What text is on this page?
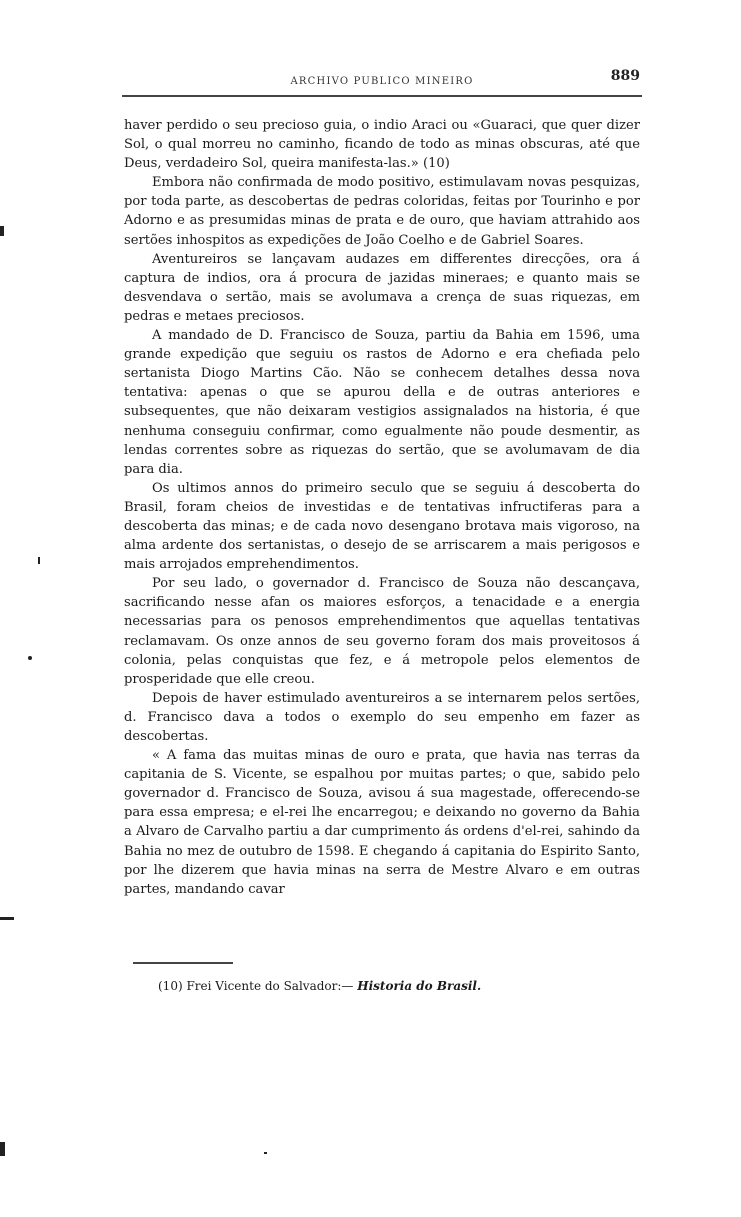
ARCHIVO PUBLICO MINEIRO	889

haver perdido o seu precioso guia, o indio Araci ou «Guaraci, que quer dizer Sol, o qual morreu no caminho, ficando de todo as minas obscuras, até que Deus, verdadeiro Sol, queira manifesta-las.» (10)

Embora não confirmada de modo positivo, estimulavam novas pesquizas, por toda parte, as descobertas de pedras coloridas, feitas por Tourinho e por Adorno e as presumidas minas de prata e de ouro, que haviam attrahido aos sertões inhospitos as expedições de João Coelho e de Gabriel Soares.

Aventureiros se lançavam audazes em differentes direcções, ora á captura de indios, ora á procura de jazidas mineraes; e quanto mais se desvendava o sertão, mais se avolumava a crença de suas riquezas, em pedras e metaes preciosos.

A mandado de D. Francisco de Souza, partiu da Bahia em 1596, uma grande expedição que seguiu os rastos de Adorno e era chefiada pelo sertanista Diogo Martins Cão. Não se conhecem detalhes dessa nova tentativa: apenas o que se apurou della e de outras anteriores e subsequentes, que não deixaram vestigios assignalados na historia, é que nenhuma conseguiu confirmar, como egualmente não poude desmentir, as lendas correntes sobre as riquezas do sertão, que se avolumavam de dia para dia.

Os ultimos annos do primeiro seculo que se seguiu á descoberta do Brasil, foram cheios de investidas e de tentativas infructiferas para a descoberta das minas; e de cada novo desengano brotava mais vigoroso, na alma ardente dos sertanistas, o desejo de se arriscarem a mais perigosos e mais arrojados emprehendimentos.

Por seu lado, o governador d. Francisco de Souza não descançava, sacrificando nesse afan os maiores esforços, a tenacidade e a energia necessarias para os penosos emprehendimentos que aquellas tentativas reclamavam. Os onze annos de seu governo foram dos mais proveitosos á colonia, pelas conquistas que fez, e á metropole pelos elementos de prosperidade que elle creou.

Depois de haver estimulado aventureiros a se internarem pelos sertões, d. Francisco dava a todos o exemplo do seu empenho em fazer as descobertas.

« A fama das muitas minas de ouro e prata, que havia nas terras da capitania de S. Vicente, se espalhou por muitas partes; o que, sabido pelo governador d. Francisco de Souza, avisou á sua magestade, offerecendo-se para essa empresa; e el-rei lhe encarregou; e deixando no governo da Bahia a Alvaro de Carvalho partiu a dar cumprimento ás ordens d'el-rei, sahindo da Bahia no mez de outubro de 1598. E chegando á capitania do Espirito Santo, por lhe dizerem que havia minas na serra de Mestre Alvaro e em outras partes, mandando cavar

(10) Frei Vicente do Salvador:— Historia do Brasil.
